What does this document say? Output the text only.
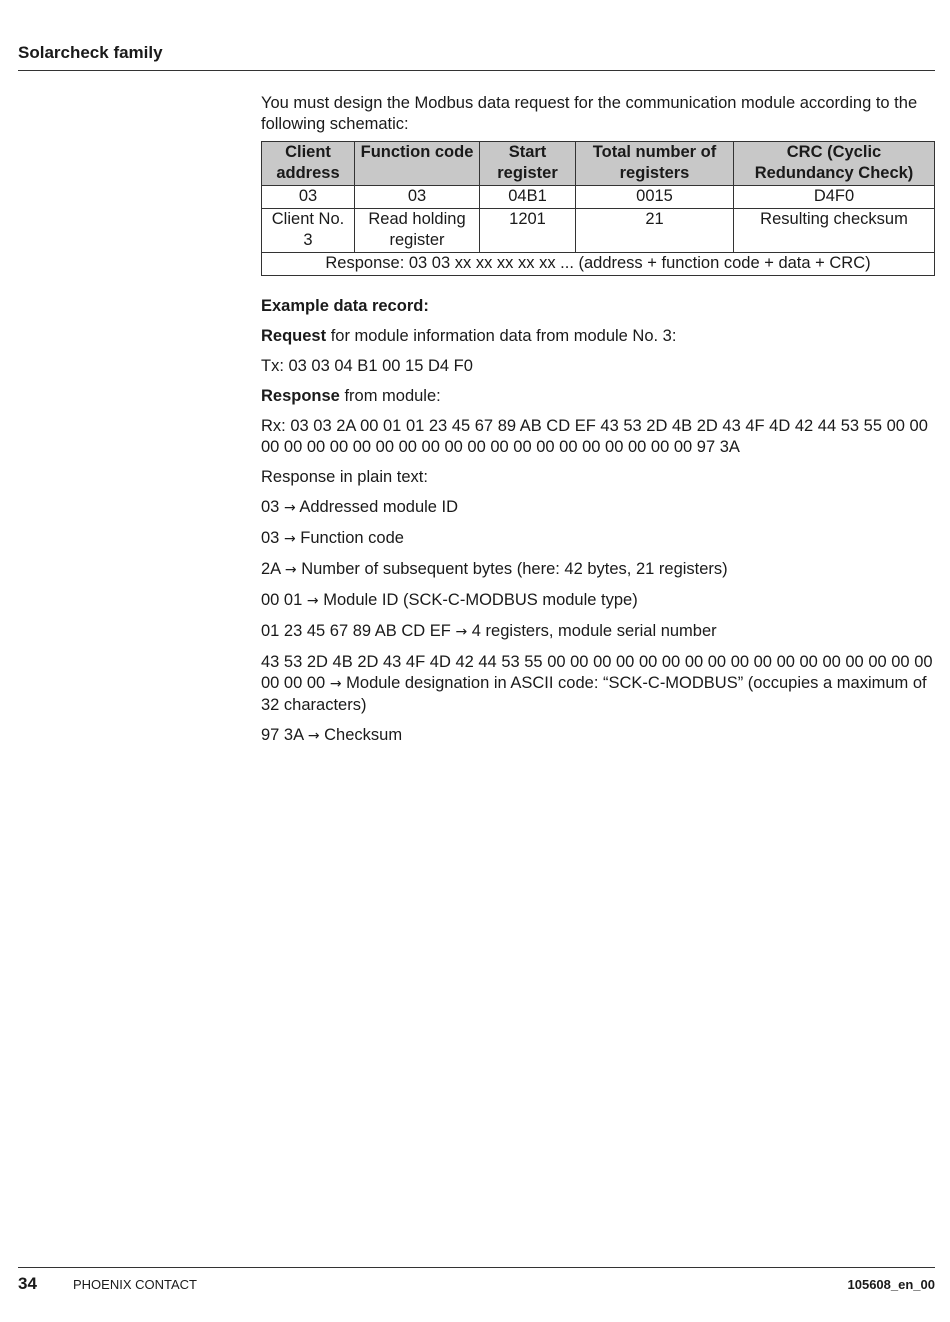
Solarcheck family

You must design the Modbus data request for the communication module according to the following schematic:

Client address	Function code	Start register	Total number of registers	CRC (Cyclic Redundancy Check)
03	03	04B1	0015	D4F0
Client No. 3	Read holding register	1201	21	Resulting checksum
Response: 03 03 xx xx xx xx xx ... (address + function code + data + CRC)				

Example data record:

Request for module information data from module No. 3:

Tx: 03 03 04 B1 00 15 D4 F0

Response from module:

Rx: 03 03 2A 00 01 01 23 45 67 89 AB CD EF 43 53 2D 4B 2D 43 4F 4D 42 44 53 55 00 00 00 00 00 00 00 00 00 00 00 00 00 00 00 00 00 00 00 00 00 97 3A

Response in plain text:

03 → Addressed module ID

03 → Function code

2A → Number of subsequent bytes (here: 42 bytes, 21 registers)

00 01 → Module ID (SCK-C-MODBUS module type)

01 23 45 67 89 AB CD EF → 4 registers, module serial number

43 53 2D 4B 2D 43 4F 4D 42 44 53 55 00 00 00 00 00 00 00 00 00 00 00 00 00 00 00 00 00 00 00 00 → Module designation in ASCII code: “SCK-C-MODBUS” (occupies a maximum of 32 characters)

97 3A → Checksum

34	PHOENIX CONTACT	105608_en_00
